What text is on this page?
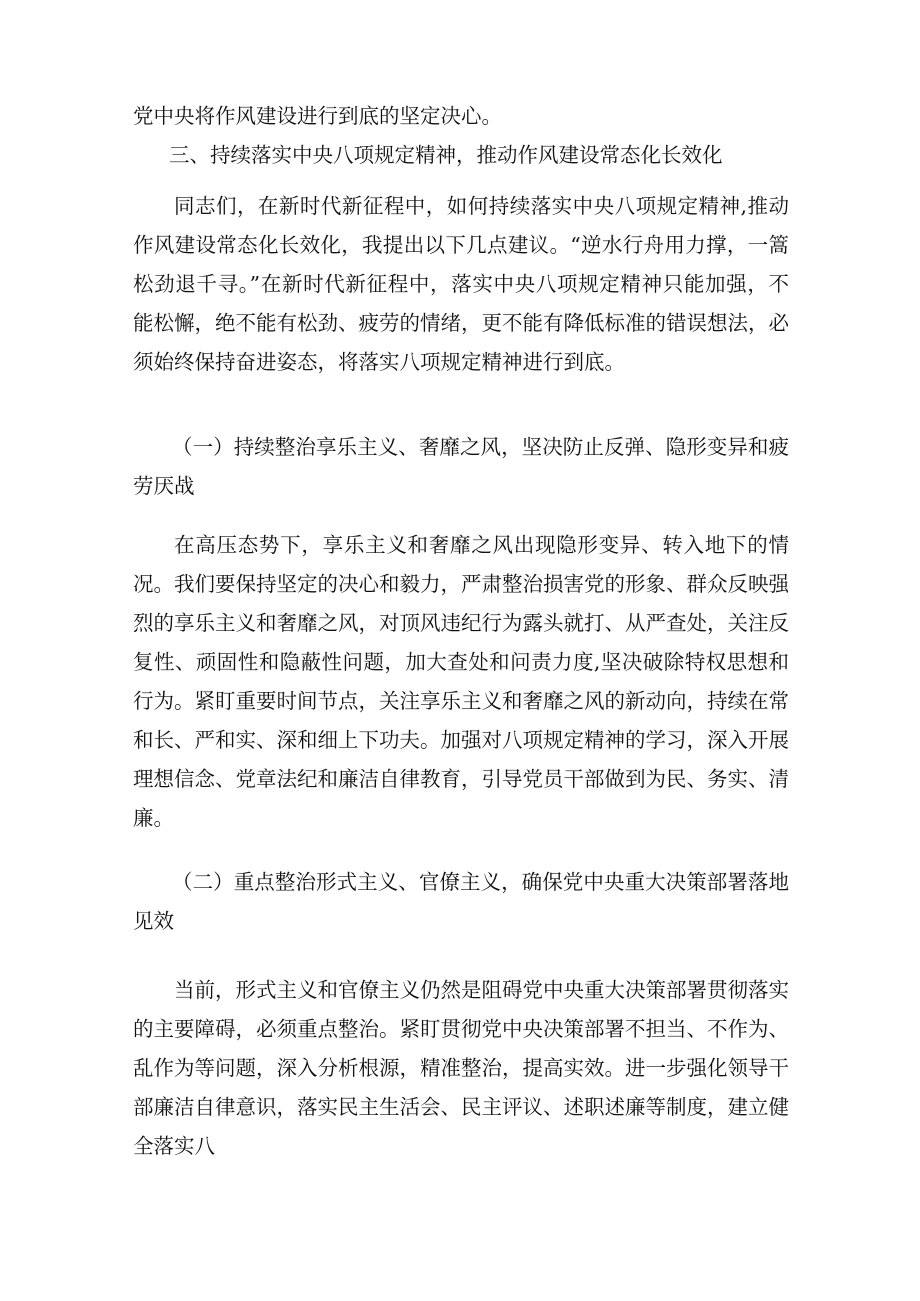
党中央将作风建设进行到底的坚定决心。

三、持续落实中央八项规定精神，推动作风建设常态化长效化

同志们，在新时代新征程中，如何持续落实中央八项规定精神,推动作风建设常态化长效化，我提出以下几点建议。“逆水行舟用力撑，一篙松劲退千寻。”在新时代新征程中，落实中央八项规定精神只能加强，不能松懈，绝不能有松劲、疲劳的情绪，更不能有降低标准的错误想法，必须始终保持奋进姿态，将落实八项规定精神进行到底。

（一）持续整治享乐主义、奢靡之风，坚决防止反弹、隐形变异和疲劳厌战

在高压态势下，享乐主义和奢靡之风出现隐形变异、转入地下的情况。我们要保持坚定的决心和毅力，严肃整治损害党的形象、群众反映强烈的享乐主义和奢靡之风，对顶风违纪行为露头就打、从严查处，关注反复性、顽固性和隐蔽性问题，加大查处和问责力度,坚决破除特权思想和行为。紧盯重要时间节点，关注享乐主义和奢靡之风的新动向，持续在常和长、严和实、深和细上下功夫。加强对八项规定精神的学习，深入开展理想信念、党章法纪和廉洁自律教育，引导党员干部做到为民、务实、清廉。

（二）重点整治形式主义、官僚主义，确保党中央重大决策部署落地见效

当前，形式主义和官僚主义仍然是阻碍党中央重大决策部署贯彻落实的主要障碍，必须重点整治。紧盯贯彻党中央决策部署不担当、不作为、乱作为等问题，深入分析根源，精准整治，提高实效。进一步强化领导干部廉洁自律意识，落实民主生活会、民主评议、述职述廉等制度，建立健全落实八
